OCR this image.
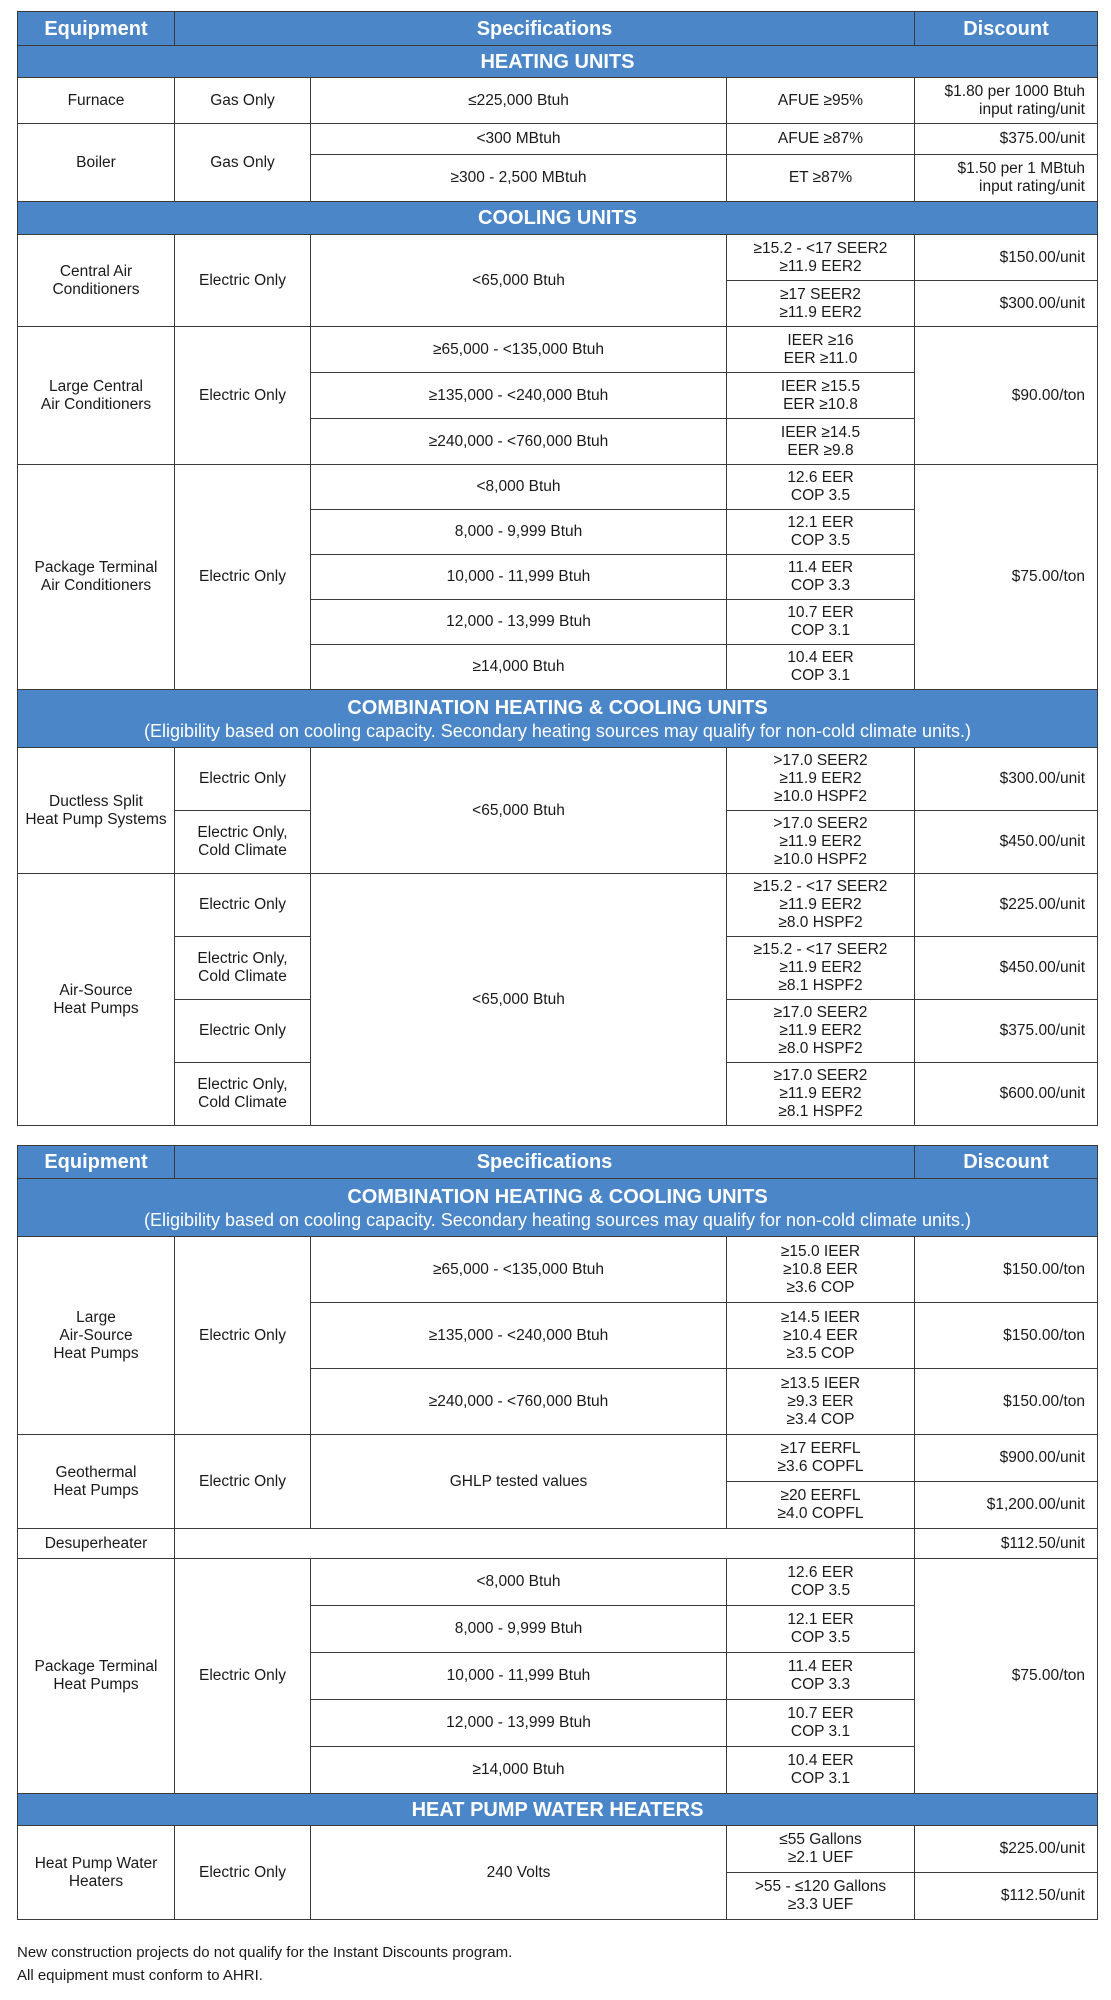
Equipment	Specifications			Discount
HEATING UNITS				
Furnace	Gas Only	≤225,000 Btuh	AFUE ≥95%	$1.80 per 1000 Btuh
input rating/unit

Boiler	Gas Only	<300 MBtuh	AFUE ≥87%	$375.00/unit
		≥300 - 2,500 MBtuh	ET ≥87%	$1.50 per 1 MBtuh
input rating/unit

COOLING UNITS				

Central Air
Conditioners	Electric Only	<65,000 Btuh	≥15.2 - <17 SEER2
≥11.9 EER2	$150.00/unit

			≥17 SEER2
≥11.9 EER2	$300.00/unit

Large Central
Air Conditioners	Electric Only	≥65,000 - <135,000 Btuh	IEER ≥16
EER ≥11.0	$90.00/ton
		≥135,000 - <240,000 Btuh	IEER ≥15.5
EER ≥10.8	

		≥240,000 - <760,000 Btuh	IEER ≥14.5
EER ≥9.8	

Package Terminal
Air Conditioners	Electric Only	<8,000 Btuh	12.6 EER
COP 3.5	$75.00/ton
		8,000 - 9,999 Btuh	12.1 EER
COP 3.5	

		10,000 - 11,999 Btuh	11.4 EER
COP 3.3	

		12,000 - 13,999 Btuh	10.7 EER
COP 3.1	

		≥14,000 Btuh	10.4 EER
COP 3.1	

COMBINATION HEATING & COOLING UNITS
(Eligibility based on cooling capacity. Secondary heating sources may qualify for non-cold climate units.)				

Ductless Split
Heat Pump Systems	Electric Only	<65,000 Btuh	>17.0 SEER2
≥11.9 EER2
≥10.0 HSPF2	$300.00/unit

	Electric Only,
Cold Climate		>17.0 SEER2
≥11.9 EER2
≥10.0 HSPF2	$450.00/unit

Air-Source
Heat Pumps	Electric Only	<65,000 Btuh	≥15.2 - <17 SEER2
≥11.9 EER2
≥8.0 HSPF2	$225.00/unit

	Electric Only,
Cold Climate		≥15.2 - <17 SEER2
≥11.9 EER2
≥8.1 HSPF2	$450.00/unit

	Electric Only		≥17.0 SEER2
≥11.9 EER2
≥8.0 HSPF2	$375.00/unit

	Electric Only,
Cold Climate		≥17.0 SEER2
≥11.9 EER2
≥8.1 HSPF2	$600.00/unit
Equipment	Specifications			Discount

COMBINATION HEATING & COOLING UNITS
(Eligibility based on cooling capacity. Secondary heating sources may qualify for non-cold climate units.)				

Large
Air-Source
Heat Pumps	Electric Only	≥65,000 - <135,000 Btuh	≥15.0 IEER
≥10.8 EER
≥3.6 COP	$150.00/ton
		≥135,000 - <240,000 Btuh	≥14.5 IEER
≥10.4 EER
≥3.5 COP	$150.00/ton
		≥240,000 - <760,000 Btuh	≥13.5 IEER
≥9.3 EER
≥3.4 COP	$150.00/ton

Geothermal
Heat Pumps	Electric Only	GHLP tested values	≥17 EERFL
≥3.6 COPFL	$900.00/unit

			≥20 EERFL
≥4.0 COPFL	$1,200.00/unit
Desuperheater				$112.50/unit

Package Terminal
Heat Pumps	Electric Only	<8,000 Btuh	12.6 EER
COP 3.5	$75.00/ton
		8,000 - 9,999 Btuh	12.1 EER
COP 3.5	

		10,000 - 11,999 Btuh	11.4 EER
COP 3.3	

		12,000 - 13,999 Btuh	10.7 EER
COP 3.1	

		≥14,000 Btuh	10.4 EER
COP 3.1	

HEAT PUMP WATER HEATERS				

Heat Pump Water
Heaters	Electric Only	240 Volts	≤55 Gallons
≥2.1 UEF	$225.00/unit

			>55 - ≤120 Gallons
≥3.3 UEF	$112.50/unit
New construction projects do not qualify for the Instant Discounts program.
All equipment must conform to AHRI.
